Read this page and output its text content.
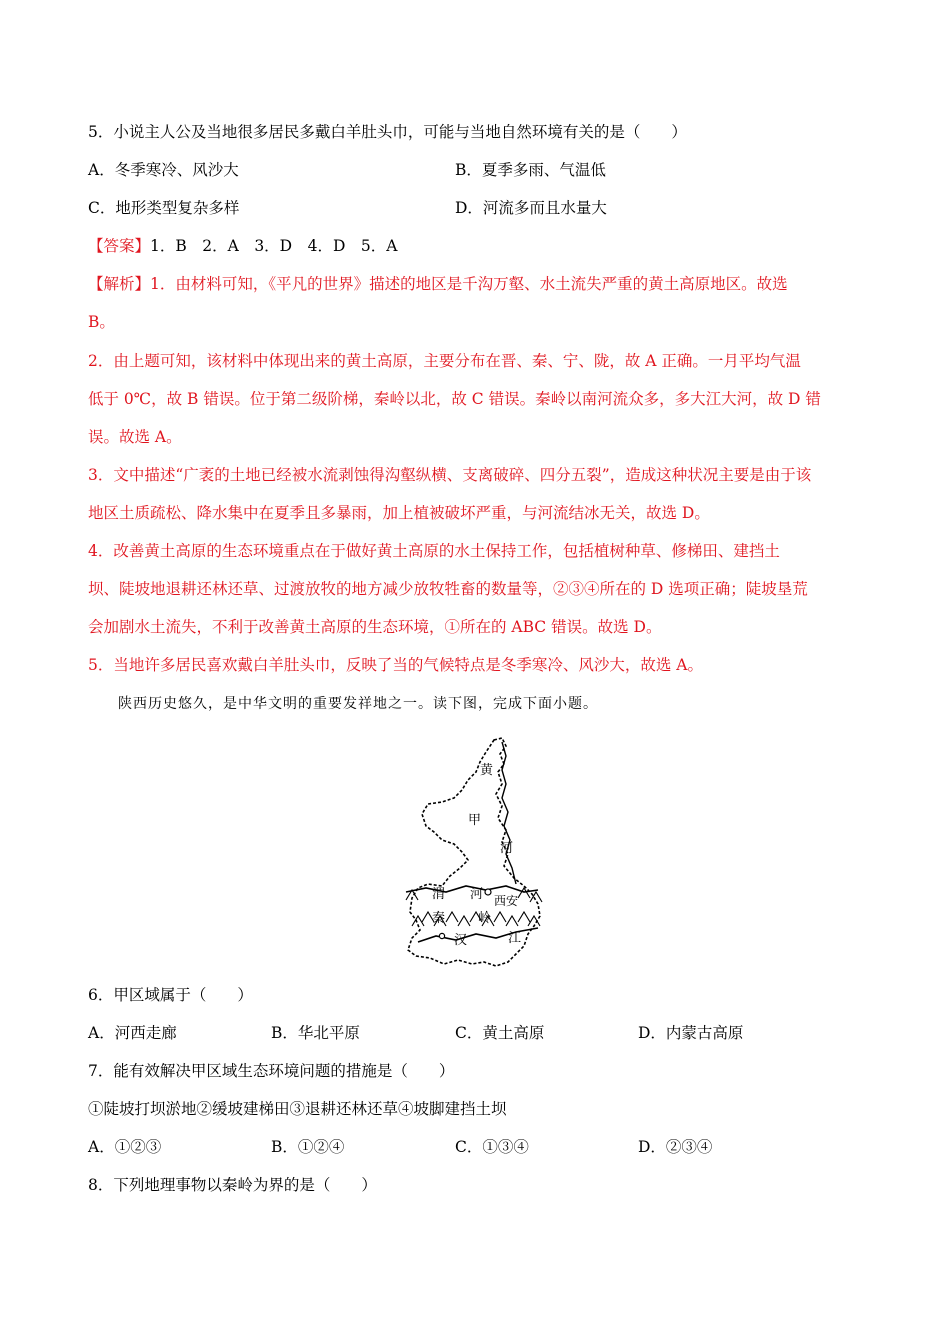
5．小说主人公及当地很多居民多戴白羊肚头巾，可能与当地自然环境有关的是（　　）
A．冬季寒冷、风沙大	B．夏季多雨、气温低
C．地形类型复杂多样	D．河流多而且水量大
【答案】1．B　2．A　3．D　4．D　5．A
【解析】1．由材料可知，《平凡的世界》描述的地区是千沟万壑、水土流失严重的黄土高原地区。故选
B。
2．由上题可知，该材料中体现出来的黄土高原，主要分布在晋、秦、宁、陇，故 A 正确。一月平均气温
低于 0℃，故 B 错误。位于第二级阶梯，秦岭以北，故 C 错误。秦岭以南河流众多，多大江大河，故 D 错
误。故选 A。
3．文中描述“广袤的土地已经被水流剥蚀得沟壑纵横、支离破碎、四分五裂”，造成这种状况主要是由于该
地区土质疏松、降水集中在夏季且多暴雨，加上植被破坏严重，与河流结冰无关，故选 D。
4．改善黄土高原的生态环境重点在于做好黄土高原的水土保持工作，包括植树种草、修梯田、建挡土
坝、陡坡地退耕还林还草、过渡放牧的地方减少放牧牲畜的数量等，②③④所在的 D 选项正确；陡坡垦荒
会加剧水土流失，不利于改善黄土高原的生态环境，①所在的 ABC 错误。故选 D。
5．当地许多居民喜欢戴白羊肚头巾，反映了当的气候特点是冬季寒冷、风沙大，故选 A。
陕西历史悠久，是中华文明的重要发祥地之一。读下图，完成下面小题。
黄
甲
河
渭 河 西安
秦	岭
汉	江
6．甲区域属于（　　）
A．河西走廊	B．华北平原	C．黄土高原	D．内蒙古高原
7．能有效解决甲区域生态环境问题的措施是（　　）
①陡坡打坝淤地②缓坡建梯田③退耕还林还草④坡脚建挡土坝
A．①②③	B．①②④	C．①③④	D．②③④
8．下列地理事物以秦岭为界的是（　　）
